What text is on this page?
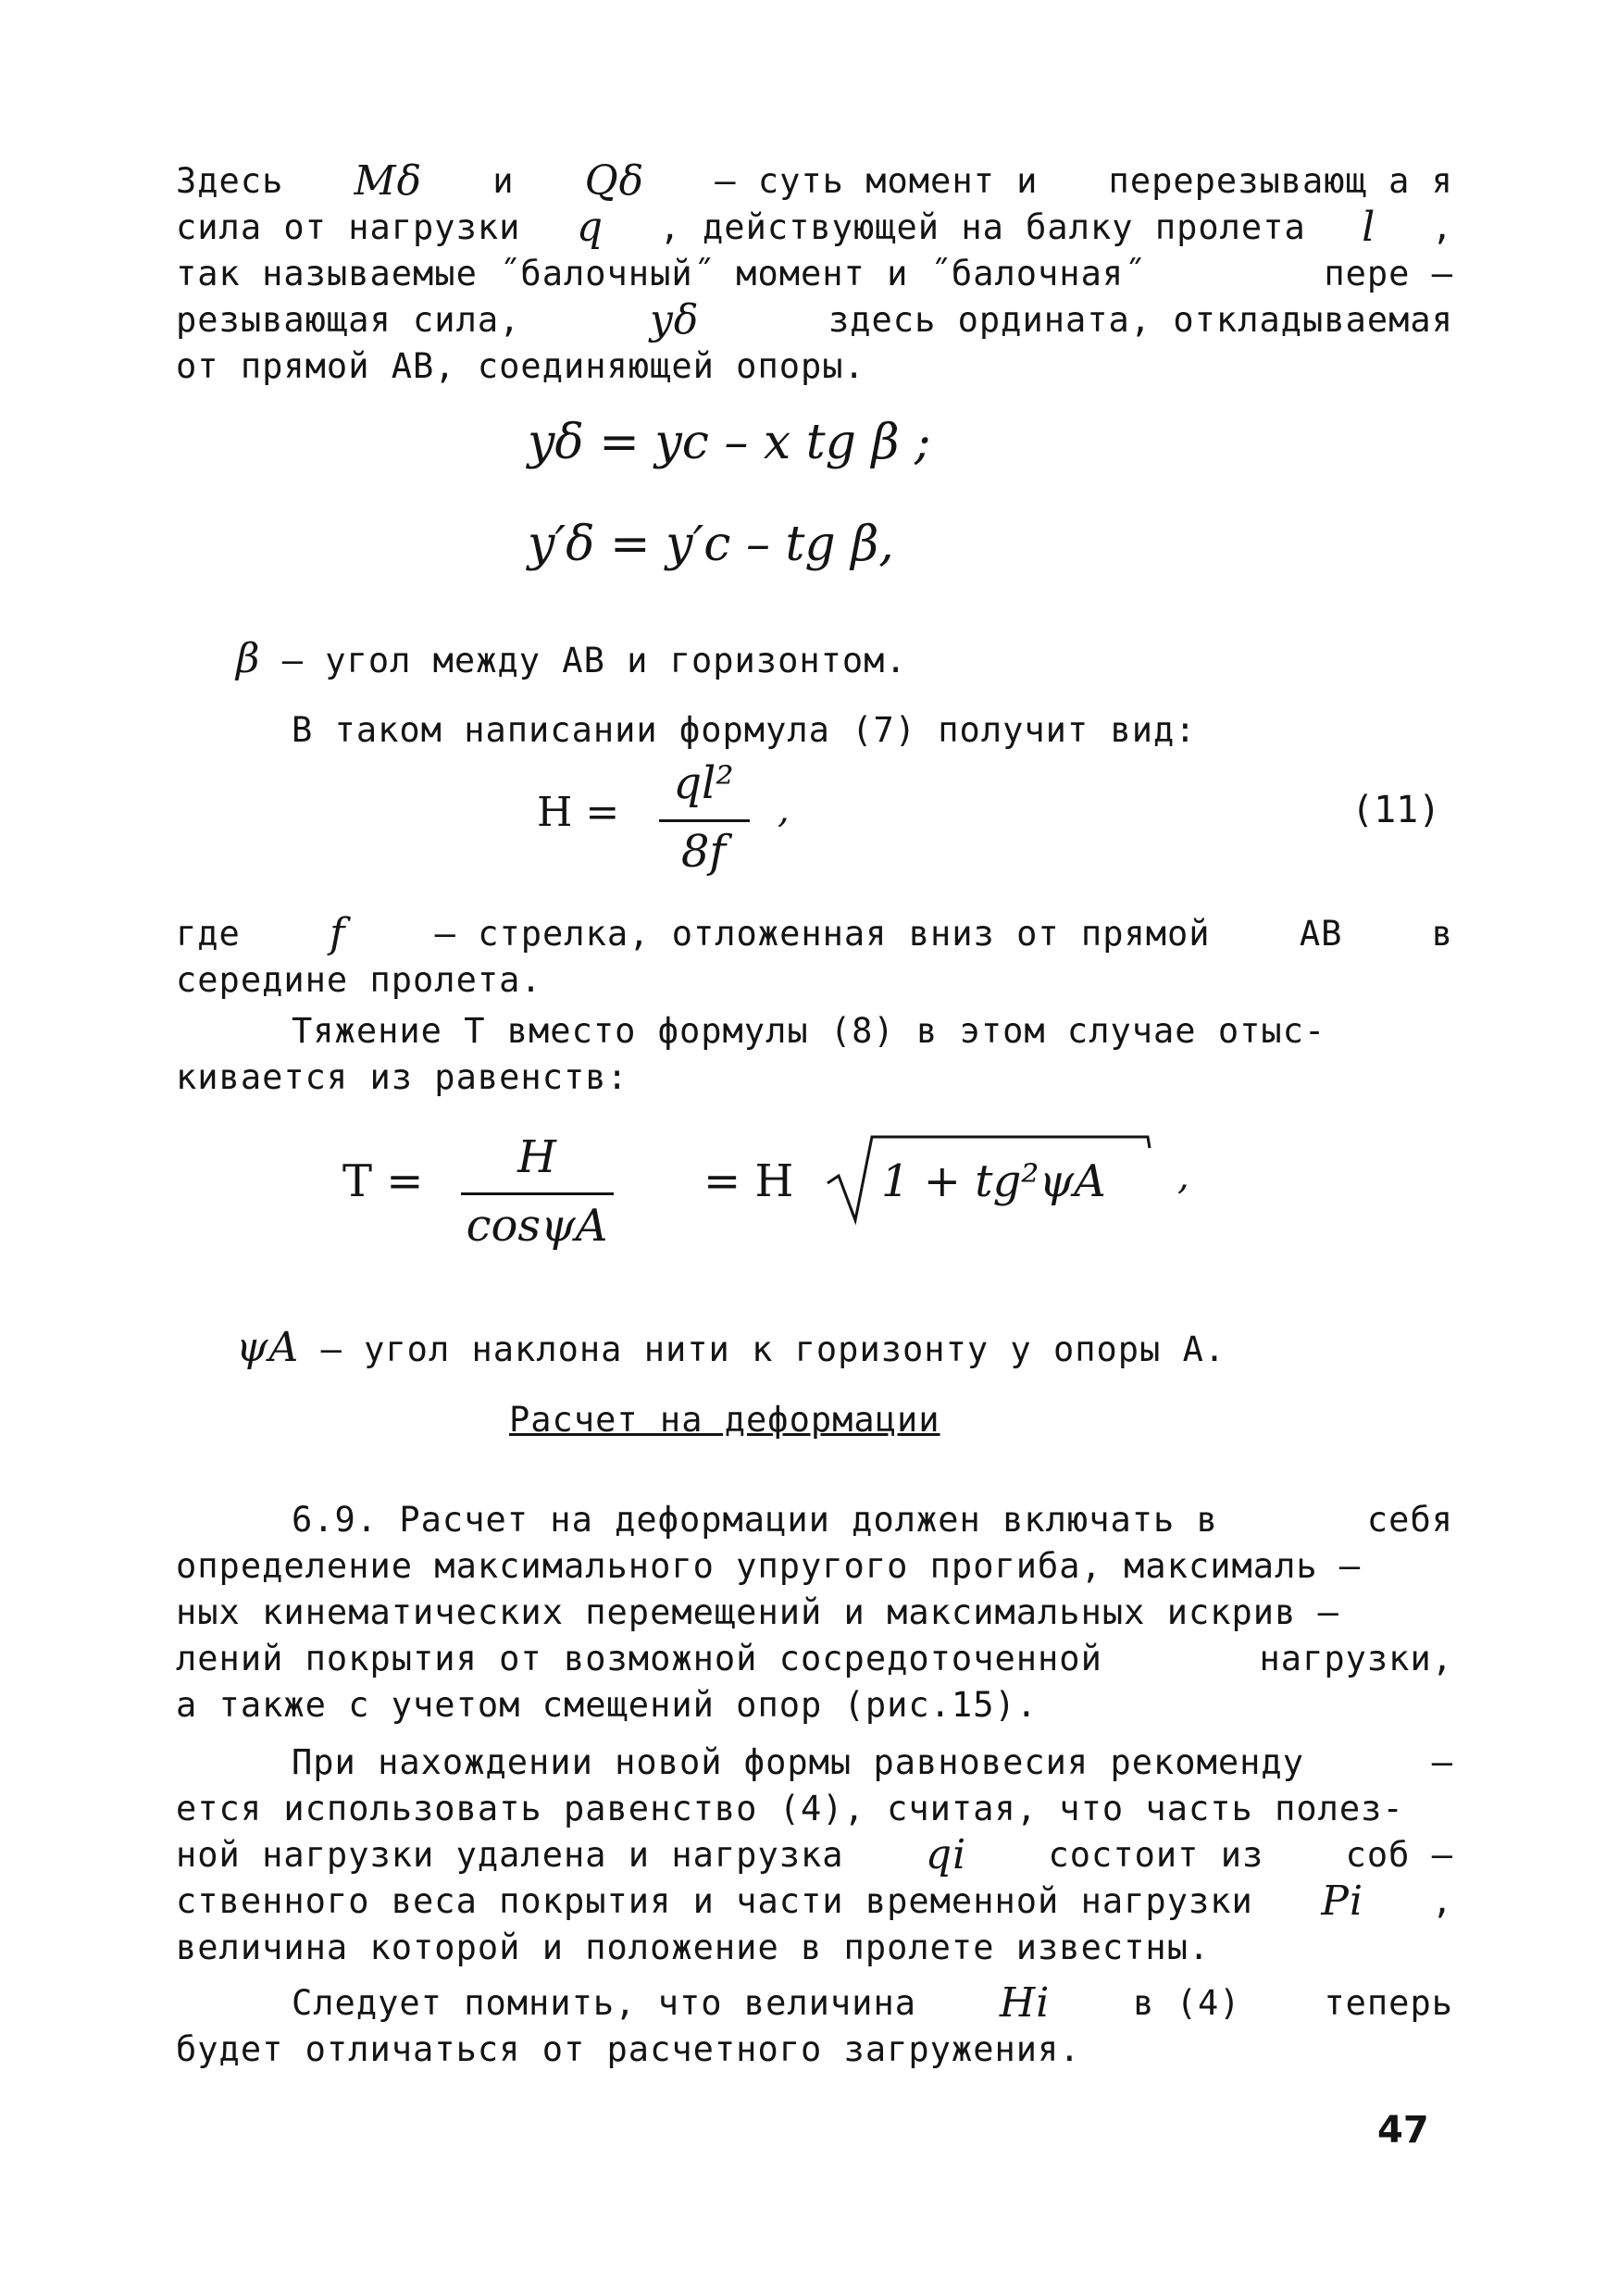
Здесь Mδ и Qδ – суть момент и перерезывающ а я
сила от нагрузки q , действующей на балку пролета l ,
так называемые ˝балочный˝ момент и ˝балочная˝	пере –
резывающая сила,	yδ	здесь ордината, откладываемая
от прямой АВ, соединяющей опоры.
yδ = yc – x tg β ;
y′δ = y′c – tg β,
β – угол между АВ и горизонтом.
В таком написании формула (7) получит вид:
H =
ql²
8f
,	(11)
где f	– стрелка, отложенная вниз от прямой	АВ	в
середине пролета.
Тяжение Т вместо формулы (8) в этом случае отыс-
кивается из равенств:
T =	H
cosψA
= H 1 + tg²ψA ,
ψA – угол наклона нити к горизонту у опоры А.
Расчет на деформации
6.9. Расчет на деформации должен включать в	себя
определение максимального упругого прогиба, максималь –
ных кинематических перемещений и максимальных искрив –
лений покрытия от возможной сосредоточенной	нагрузки,
а также с учетом смещений опор (рис.15).
При нахождении новой формы равновесия рекоменду	–
ется использовать равенство (4), считая, что часть полез-
ной нагрузки удалена и нагрузка qi состоит из соб –
ственного веса покрытия и части временной нагрузки Pi ,
величина которой и положение в пролете известны.
Следует помнить, что величина Hi в (4) теперь
будет отличаться от расчетного загружения.
47
